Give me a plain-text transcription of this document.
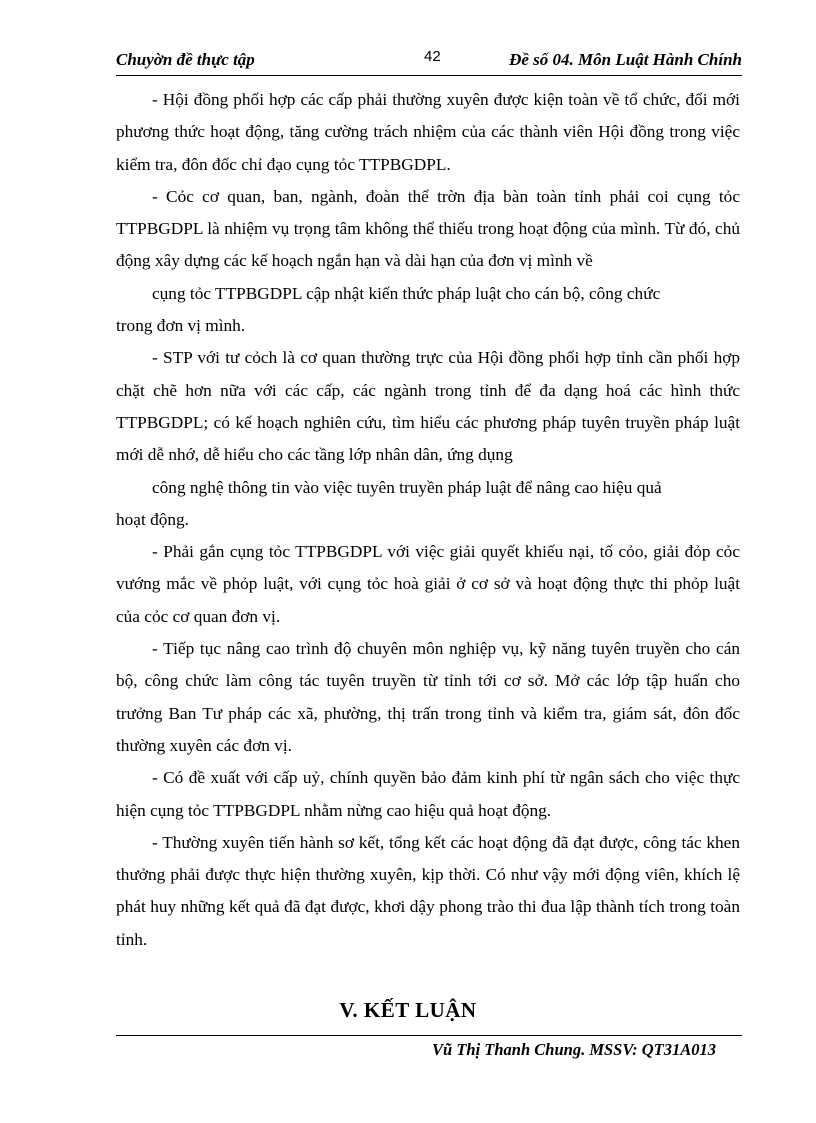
Chuyờn đề thực tập	42	Đề số 04. Môn Luật Hành Chính

- Hội đồng phối hợp các cấp phải thường xuyên được kiện toàn về tổ chức, đổi mới phương thức hoạt động, tăng cường trách nhiệm của các thành viên Hội đồng trong việc kiểm tra, đôn đốc chỉ đạo cụng tỏc TTPBGDPL.

- Cỏc cơ quan, ban, ngành, đoàn thể trờn địa bàn toàn tỉnh phải coi cụng tỏc TTPBGDPL là nhiệm vụ trọng tâm không thể thiếu trong hoạt động của mình. Từ đó, chủ động xây dựng các kế hoạch ngắn hạn và dài hạn của đơn vị mình về

cụng tỏc TTPBGDPL cập nhật kiến thức pháp luật cho cán bộ, công chức

trong đơn vị mình.

- STP với tư cỏch là cơ quan thường trực của Hội đồng phối hợp tỉnh cần phối hợp chặt chẽ hơn nữa với các cấp, các ngành trong tỉnh để đa dạng hoá các hình thức TTPBGDPL; có kế hoạch nghiên cứu, tìm hiểu các phương pháp tuyên truyền pháp luật mới dễ nhớ, dễ hiểu cho các tầng lớp nhân dân, ứng dụng

công nghệ thông tin vào việc tuyên truyền pháp luật để nâng cao hiệu quả

hoạt động.

- Phải gắn cụng tỏc TTPBGDPL với việc giải quyết khiếu nại, tố cỏo, giải đỏp cỏc vướng mắc về phỏp luật, với cụng tỏc hoà giải ở cơ sở và hoạt động thực thi phỏp luật của cỏc cơ quan đơn vị.

- Tiếp tục nâng cao trình độ chuyên môn nghiệp vụ, kỹ năng tuyên truyền cho cán bộ, công chức làm công tác tuyên truyền từ tỉnh tới cơ sở. Mở các lớp tập huấn cho trưởng Ban Tư pháp các xã, phường, thị trấn trong tỉnh và kiểm tra, giám sát, đôn đốc thường xuyên các đơn vị.

- Có đề xuất với cấp uỷ, chính quyền bảo đảm kinh phí từ ngân sách cho việc thực hiện cụng tỏc TTPBGDPL nhằm nừng cao hiệu quả hoạt động.

- Thường xuyên tiến hành sơ kết, tổng kết các hoạt động đã đạt được, công tác khen thưởng phải được thực hiện thường xuyên, kịp thời. Có như vậy mới động viên, khích lệ phát huy những kết quả đã đạt được, khơi dậy phong trào thi đua lập thành tích trong toàn tỉnh.

V. KẾT LUẬN
Vũ Thị Thanh Chung. MSSV: QT31A013
